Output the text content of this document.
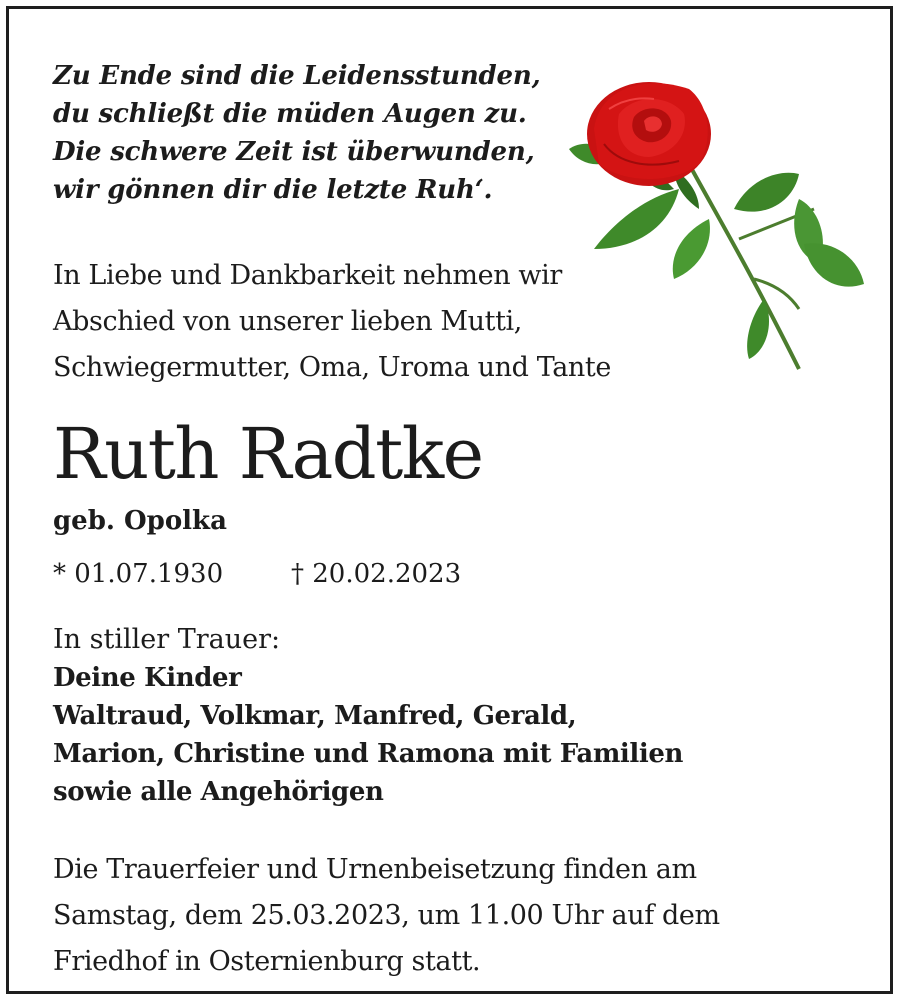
Zu Ende sind die Leidensstunden,
du schließt die müden Augen zu.
Die schwere Zeit ist überwunden,
wir gönnen dir die letzte Ruh‘.
In Liebe und Dankbarkeit nehmen wir
Abschied von unserer lieben Mutti,
Schwiegermutter, Oma, Uroma und Tante
Ruth Radtke
geb. Opolka
* 01.07.1930	† 20.02.2023
In stiller Trauer:
Deine Kinder
Waltraud, Volkmar, Manfred, Gerald,
Marion, Christine und Ramona mit Familien
sowie alle Angehörigen
Die Trauerfeier und Urnenbeisetzung finden am
Samstag, dem 25.03.2023, um 11.00 Uhr auf dem
Friedhof in Osternienburg statt.
